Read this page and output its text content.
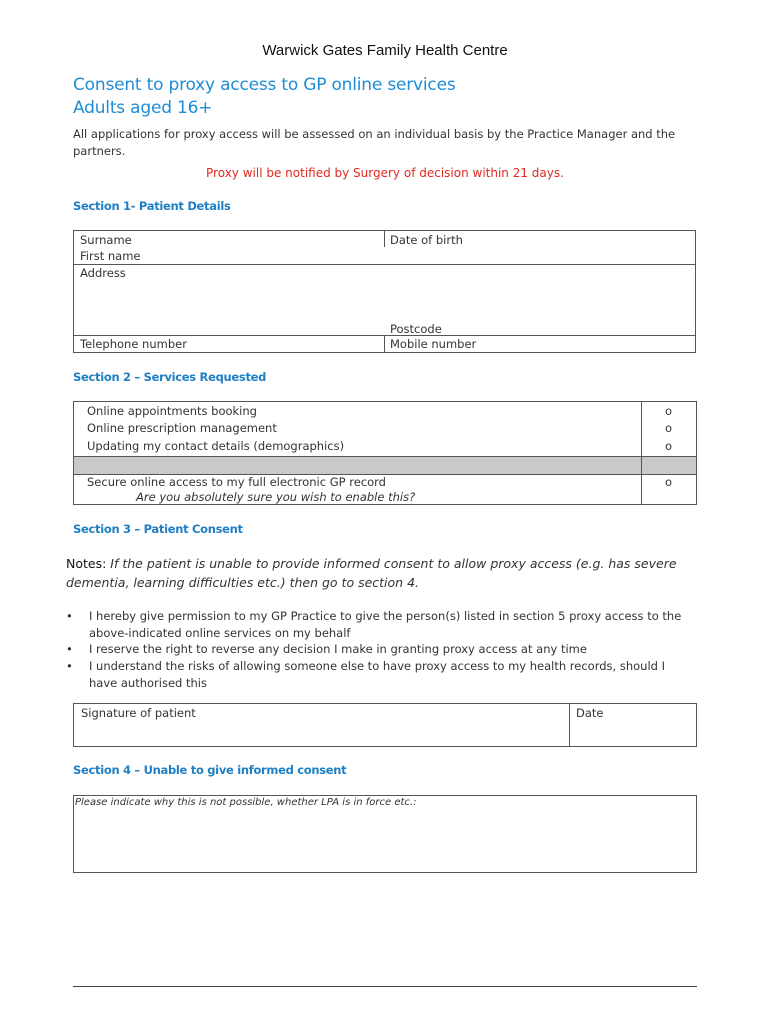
Warwick Gates Family Health Centre
Consent to proxy access to GP online services
Adults aged 16+
All applications for proxy access will be assessed on an individual basis by the Practice Manager and the partners.
Proxy will be notified by Surgery of decision within 21 days.
Section 1- Patient Details
Surname	Date of birth
First name
Address
Postcode
Telephone number	Mobile number
Section 2 – Services Requested
Online appointments booking	o
Online prescription management	o
Updating my contact details (demographics)	o
Secure online access to my full electronic GP record	o
Are you absolutely sure you wish to enable this?
Section 3 – Patient Consent
Notes: If the patient is unable to provide informed consent to allow proxy access (e.g. has severe dementia, learning difficulties etc.) then go to section 4.
• I hereby give permission to my GP Practice to give the person(s) listed in section 5 proxy access to the above-indicated online services on my behalf
• I reserve the right to reverse any decision I make in granting proxy access at any time
• I understand the risks of allowing someone else to have proxy access to my health records, should I have authorised this
Signature of patient	Date
Section 4 – Unable to give informed consent
Please indicate why this is not possible, whether LPA is in force etc.:
